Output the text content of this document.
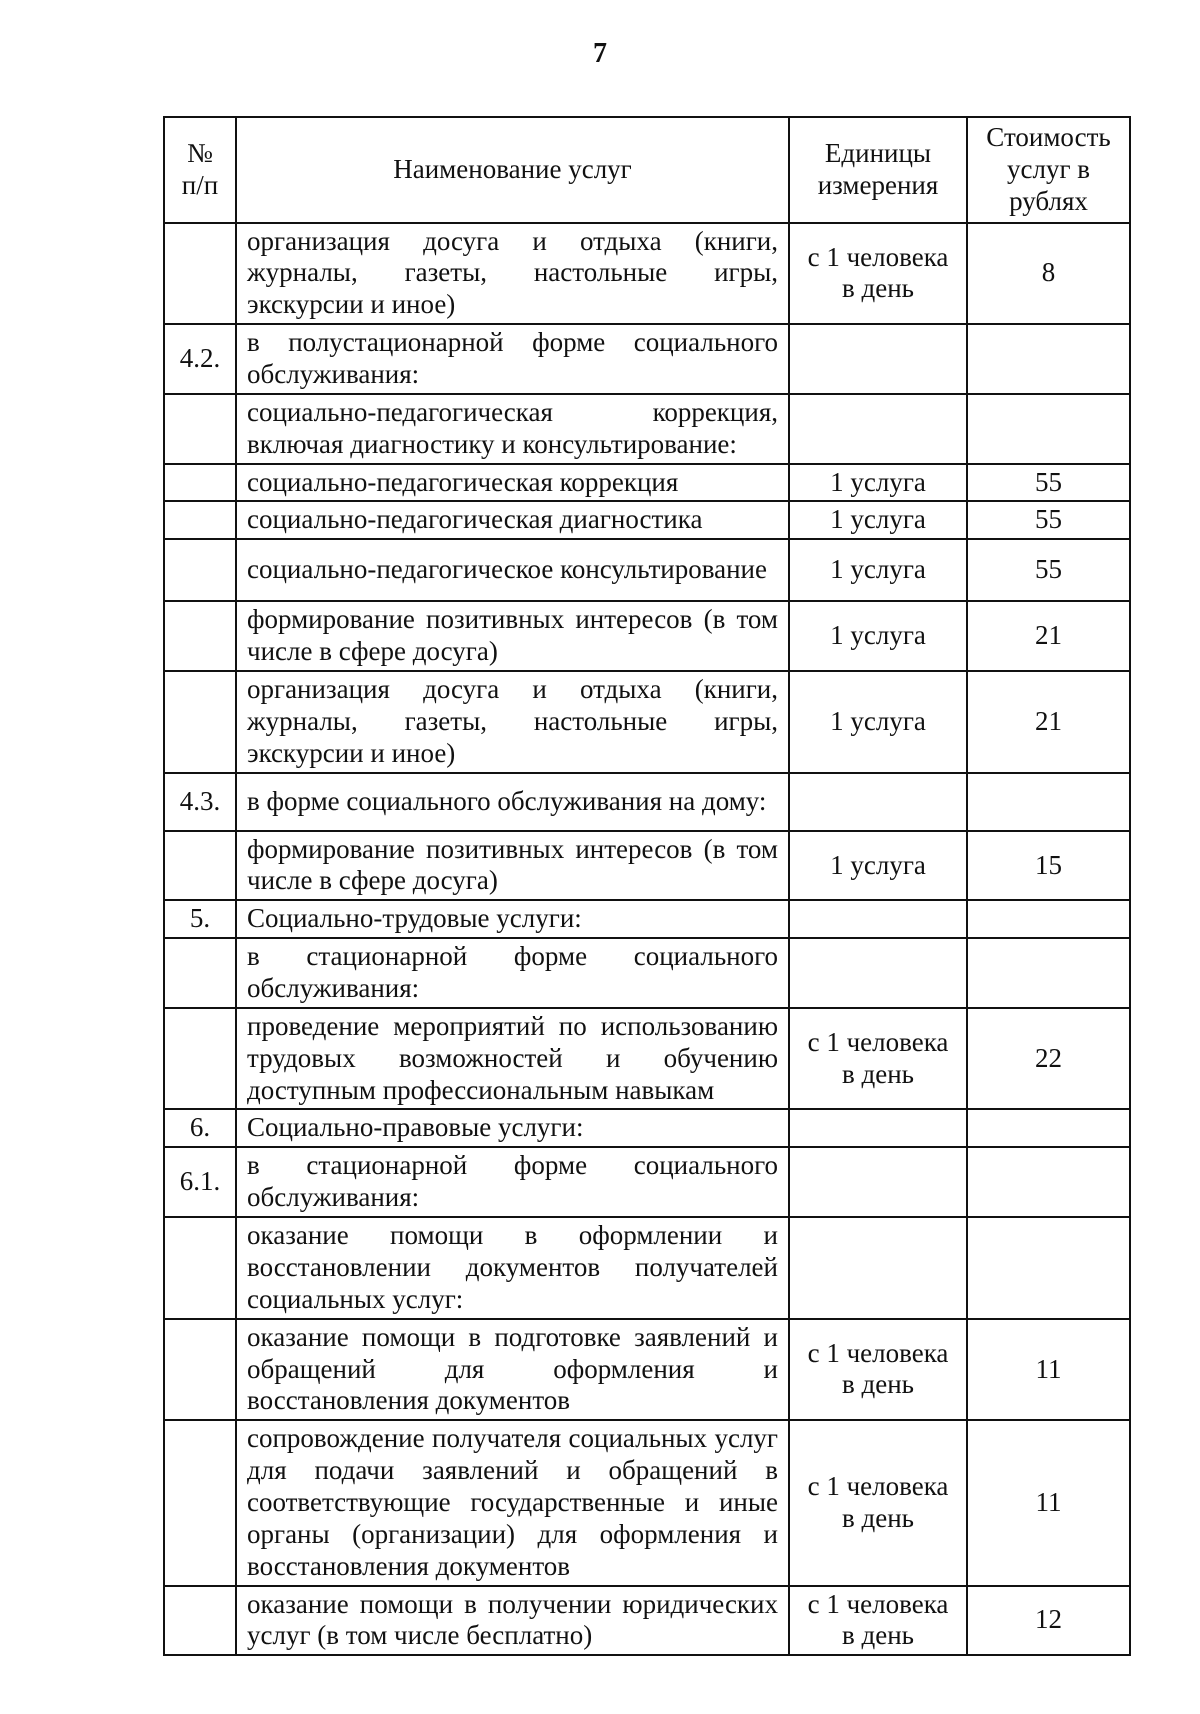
7
№
п/п	Наименование услуг	Единицы измерения	Стоимость услуг в рублях
	организация досуга и отдыха (книги, журналы, газеты, настольные игры, экскурсии и иное)	с 1 человека в день	8
4.2.	в полустационарной форме социального обслуживания:		
	социально-педагогическая коррекция, включая диагностику и консультирование:		
	социально-педагогическая коррекция	1 услуга	55
	социально-педагогическая диагностика	1 услуга	55
	социально-педагогическое консультирование	1 услуга	55
	формирование позитивных интересов (в том числе в сфере досуга)	1 услуга	21
	организация досуга и отдыха (книги, журналы, газеты, настольные игры, экскурсии и иное)	1 услуга	21
4.3.	в форме социального обслуживания на дому:		
	формирование позитивных интересов (в том числе в сфере досуга)	1 услуга	15
5.	Социально-трудовые услуги:		
	в стационарной форме социального обслуживания:		
	проведение мероприятий по использованию трудовых возможностей и обучению доступным профессиональным навыкам	с 1 человека в день	22
6.	Социально-правовые услуги:		
6.1.	в стационарной форме социального обслуживания:		
	оказание помощи в оформлении и восстановлении документов получателей социальных услуг:		
	оказание помощи в подготовке заявлений и обращений для оформления и восстановления документов	с 1 человека в день	11
	сопровождение получателя социальных услуг для подачи заявлений и обращений в соответствующие государственные и иные органы (организации) для оформления и восстановления документов	с 1 человека в день	11
	оказание помощи в получении юридических услуг (в том числе бесплатно)	с 1 человека в день	12
